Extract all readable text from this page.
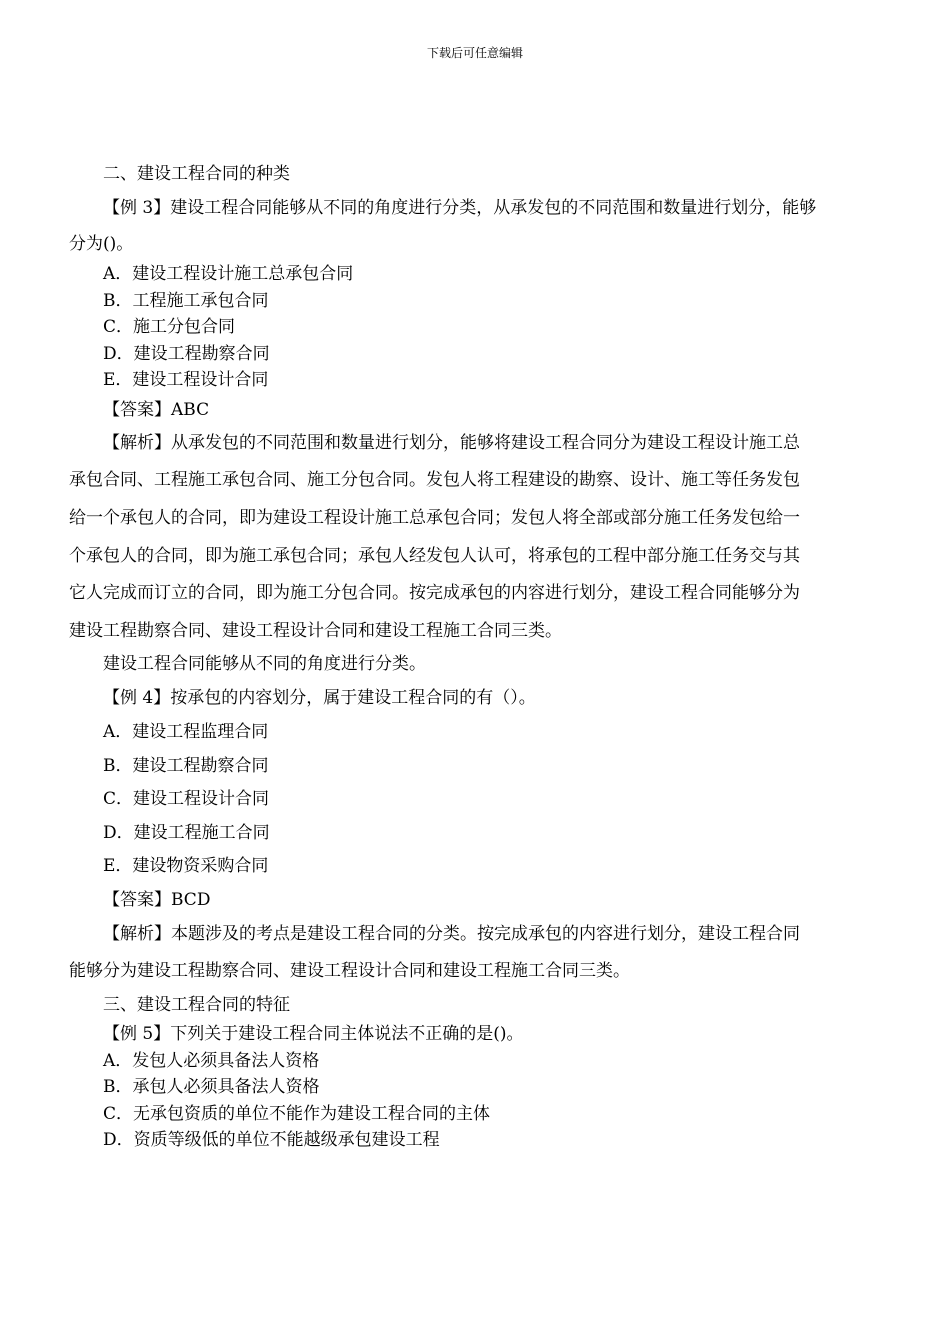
下载后可任意编辑
二、建设工程合同的种类
【例 3】建设工程合同能够从不同的角度进行分类，从承发包的不同范围和数量进行划分，能够
分为()。
A．建设工程设计施工总承包合同
B．工程施工承包合同
C．施工分包合同
D．建设工程勘察合同
E．建设工程设计合同
【答案】ABC
【解析】从承发包的不同范围和数量进行划分，能够将建设工程合同分为建设工程设计施工总
承包合同、工程施工承包合同、施工分包合同。发包人将工程建设的勘察、设计、施工等任务发包
给一个承包人的合同，即为建设工程设计施工总承包合同；发包人将全部或部分施工任务发包给一
个承包人的合同，即为施工承包合同；承包人经发包人认可，将承包的工程中部分施工任务交与其
它人完成而订立的合同，即为施工分包合同。按完成承包的内容进行划分，建设工程合同能够分为
建设工程勘察合同、建设工程设计合同和建设工程施工合同三类。
建设工程合同能够从不同的角度进行分类。
【例 4】按承包的内容划分，属于建设工程合同的有（）。
A．建设工程监理合同
B．建设工程勘察合同
C．建设工程设计合同
D．建设工程施工合同
E．建设物资采购合同
【答案】BCD
【解析】本题涉及的考点是建设工程合同的分类。按完成承包的内容进行划分，建设工程合同
能够分为建设工程勘察合同、建设工程设计合同和建设工程施工合同三类。
三、建设工程合同的特征
【例 5】下列关于建设工程合同主体说法不正确的是()。
A．发包人必须具备法人资格
B．承包人必须具备法人资格
C．无承包资质的单位不能作为建设工程合同的主体
D．资质等级低的单位不能越级承包建设工程
